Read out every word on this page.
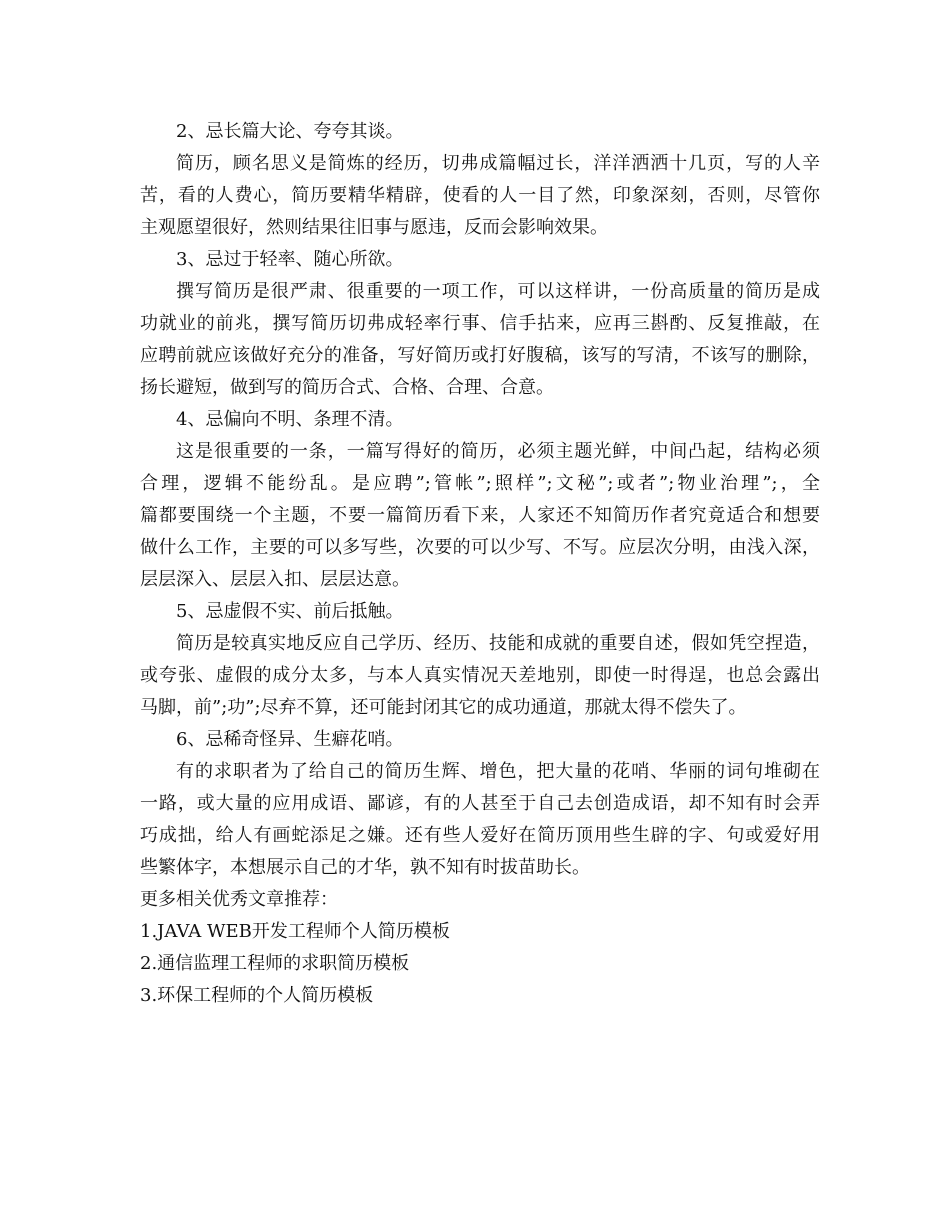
2、忌长篇大论、夸夸其谈。
简历，顾名思义是简炼的经历，切弗成篇幅过长，洋洋洒洒十几页，写的人辛
苦，看的人费心，简历要精华精辟，使看的人一目了然，印象深刻，否则，尽管你
主观愿望很好，然则结果往旧事与愿违，反而会影响效果。
3、忌过于轻率、随心所欲。
撰写简历是很严肃、很重要的一项工作，可以这样讲，一份高质量的简历是成
功就业的前兆，撰写简历切弗成轻率行事、信手拈来，应再三斟酌、反复推敲，在
应聘前就应该做好充分的准备，写好简历或打好腹稿，该写的写清，不该写的删除，
扬长避短，做到写的简历合式、合格、合理、合意。
4、忌偏向不明、条理不清。
这是很重要的一条，一篇写得好的简历，必须主题光鲜，中间凸起，结构必须
合理，逻辑不能纷乱。是应聘”;管帐”;照样”;文秘”;或者”;物业治理”;，全
篇都要围绕一个主题，不要一篇简历看下来，人家还不知简历作者究竟适合和想要
做什么工作，主要的可以多写些，次要的可以少写、不写。应层次分明，由浅入深，
层层深入、层层入扣、层层达意。
5、忌虚假不实、前后抵触。
简历是较真实地反应自己学历、经历、技能和成就的重要自述，假如凭空捏造，
或夸张、虚假的成分太多，与本人真实情况天差地别，即使一时得逞，也总会露出
马脚，前”;功”;尽弃不算，还可能封闭其它的成功通道，那就太得不偿失了。
6、忌稀奇怪异、生癖花哨。
有的求职者为了给自己的简历生辉、增色，把大量的花哨、华丽的词句堆砌在
一路，或大量的应用成语、鄙谚，有的人甚至于自己去创造成语，却不知有时会弄
巧成拙，给人有画蛇添足之嫌。还有些人爱好在简历顶用些生辟的字、句或爱好用
些繁体字，本想展示自己的才华，孰不知有时拔苗助长。
更多相关优秀文章推荐：
1.JAVA WEB开发工程师个人简历模板
2.通信监理工程师的求职简历模板
3.环保工程师的个人简历模板
